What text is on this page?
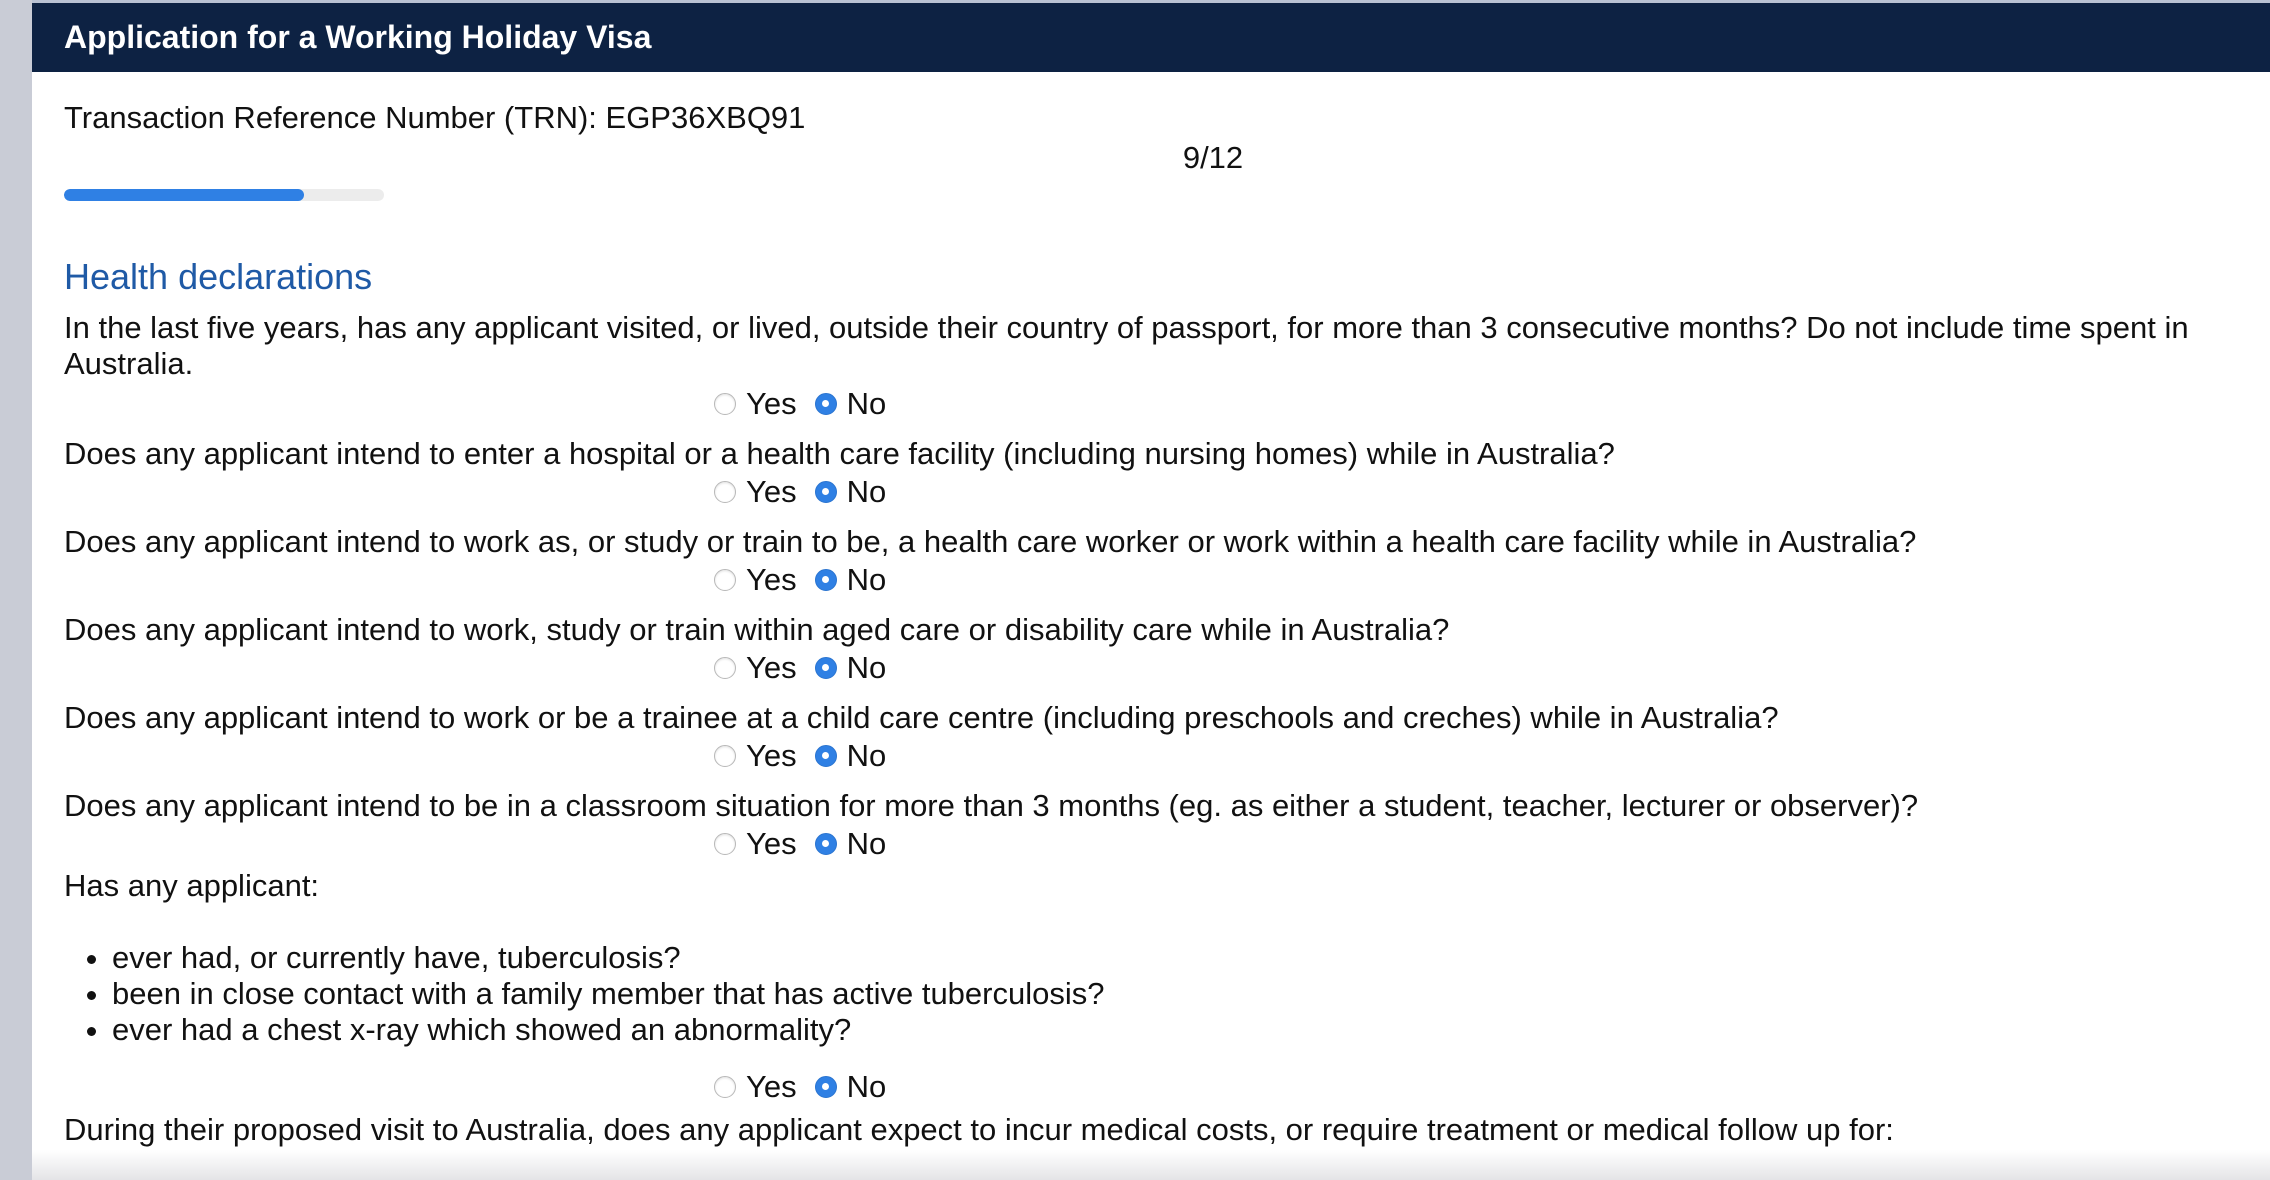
Application for a Working Holiday Visa
Transaction Reference Number (TRN): EGP36XBQ91
9/12
Health declarations
In the last five years, has any applicant visited, or lived, outside their country of passport, for more than 3 consecutive months? Do not include time spent in Australia.
Yes No
Does any applicant intend to enter a hospital or a health care facility (including nursing homes) while in Australia?
Yes No
Does any applicant intend to work as, or study or train to be, a health care worker or work within a health care facility while in Australia?
Yes No
Does any applicant intend to work, study or train within aged care or disability care while in Australia?
Yes No
Does any applicant intend to work or be a trainee at a child care centre (including preschools and creches) while in Australia?
Yes No
Does any applicant intend to be in a classroom situation for more than 3 months (eg. as either a student, teacher, lecturer or observer)?
Yes No
Has any applicant:
• ever had, or currently have, tuberculosis?
• been in close contact with a family member that has active tuberculosis?
• ever had a chest x-ray which showed an abnormality?
Yes No
During their proposed visit to Australia, does any applicant expect to incur medical costs, or require treatment or medical follow up for:
